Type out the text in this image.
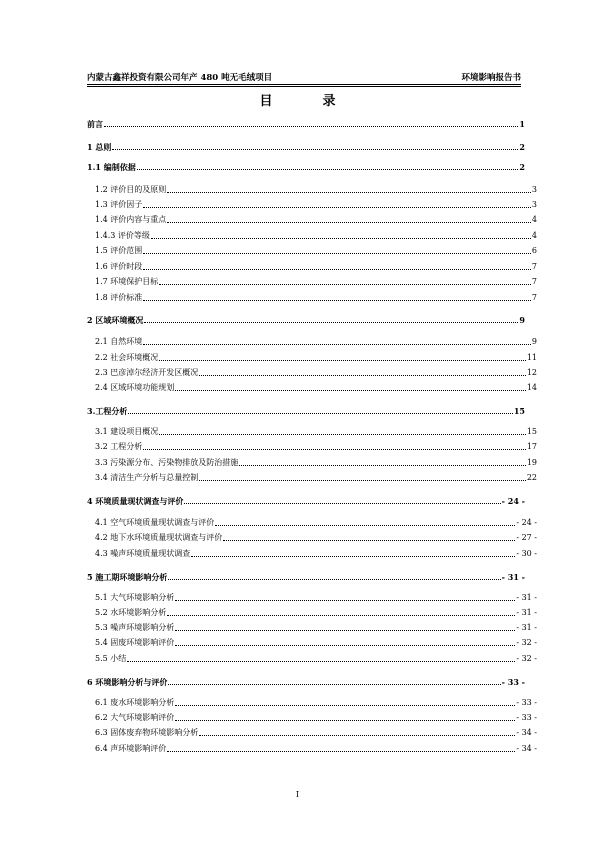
内蒙古鑫祥投资有限公司年产 480 吨无毛绒项目	环境影响报告书
目	录
前言	1
1 总则	2
1.1 编制依据	2
1.2 评价目的及原则	3
1.3 评价因子	3
1.4 评价内容与重点	4
1.4.3 评价等级	4
1.5 评价范围	6
1.6 评价时段	7
1.7 环境保护目标	7
1.8 评价标准	7
2 区域环境概况	9
2.1 自然环境	9
2.2 社会环境概况	11
2.3 巴彦淖尔经济开发区概况	12
2.4 区域环境功能规划	14
3.工程分析	15
3.1 建设项目概况	15
3.2 工程分析	17
3.3 污染源分布、污染物排放及防治措施	19
3.4 清洁生产分析与总量控制	22
4 环境质量现状调查与评价	- 24 -
4.1 空气环境质量现状调查与评价	- 24 -
4.2 地下水环境质量现状调查与评价	- 27 -
4.3 噪声环境质量现状调查	- 30 -
5 施工期环境影响分析	- 31 -
5.1 大气环境影响分析	- 31 -
5.2 水环境影响分析	- 31 -
5.3 噪声环境影响分析	- 31 -
5.4 固废环境影响评价	- 32 -
5.5 小结	- 32 -
6 环境影响分析与评价	- 33 -
6.1 废水环境影响分析	- 33 -
6.2 大气环境影响评价	- 33 -
6.3 固体废弃物环境影响分析	- 34 -
6.4 声环境影响评价	- 34 -
I
